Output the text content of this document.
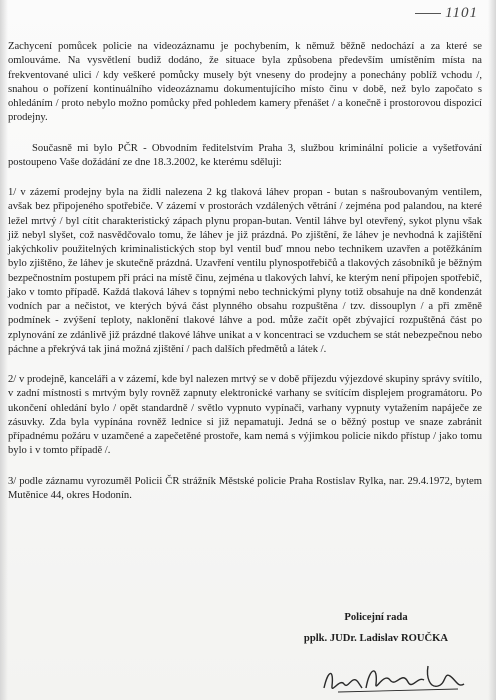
1101

Zachycení pomůcek policie na videozáznamu je pochybením, k němuž běžně nedochází a za které se omlouváme. Na vysvětlení budiž dodáno, že situace byla způsobena především umístěním místa na frekventované ulici / kdy veškeré pomůcky musely být vneseny do prodejny a ponechány poblíž vchodu /, snahou o pořízení kontinuálního videozáznamu dokumentujícího místo činu v době, než bylo započato s ohledáním / proto nebylo možno pomůcky před pohledem kamery přenášet / a konečně i prostorovou dispozicí prodejny.

Současně mi bylo PČR - Obvodním ředitelstvím Praha 3, službou kriminální policie a vyšetřování postoupeno Vaše dožádání ze dne 18.3.2002, ke kterému sděluji:

1/ v zázemí prodejny byla na židli nalezena 2 kg tlaková láhev propan - butan s našroubovaným ventilem, avšak bez připojeného spotřebiče. V zázemí v prostorách vzdálených větrání / zejména pod palandou, na které ležel mrtvý / byl cítit charakteristický zápach plynu propan-butan. Ventil láhve byl otevřený, sykot plynu však již nebyl slyšet, což nasvědčovalo tomu, že láhev je již prázdná. Po zjištění, že láhev je nevhodná k zajištění jakýchkoliv použitelných kriminalistických stop byl ventil buď mnou nebo technikem uzavřen a potěžkáním bylo zjištěno, že láhev je skutečně prázdná. Uzavření ventilu plynospotřebičů a tlakových zásobníků je běžným bezpečnostním postupem při práci na místě činu, zejména u tlakových lahví, ke kterým není připojen spotřebič, jako v tomto případě. Každá tlaková láhev s topnými nebo technickými plyny totiž obsahuje na dně kondenzát vodních par a nečistot, ve kterých bývá část plynného obsahu rozpuštěna / tzv. dissouplyn / a při změně podmínek - zvýšení teploty, naklonění tlakové láhve a pod. může začít opět zbývající rozpuštěná část po zplynování ze zdánlivě již prázdné tlakové láhve unikat a v koncentraci se vzduchem se stát nebezpečnou nebo páchne a překrývá tak jiná možná zjištění / pach dalších předmětů a látek /.

2/ v prodejně, kanceláři a v zázemí, kde byl nalezen mrtvý se v době příjezdu výjezdové skupiny správy svítilo, v zadní místnosti s mrtvým byly rovněž zapnuty elektronické varhany se svítícím displejem programátoru. Po ukončení ohledání bylo / opět standardně / světlo vypnuto vypínači, varhany vypnuty vytažením napáječe ze zásuvky. Zda byla vypínána rovněž lednice si již nepamatuji. Jedná se o běžný postup ve snaze zabránit případnému požáru v uzamčené a zapečetěné prostoře, kam nemá s výjimkou policie nikdo přístup / jako tomu bylo i v tomto případě /.

3/ podle záznamu vyrozuměl Policii ČR strážník Městské policie Praha Rostislav Rylka, nar. 29.4.1972, bytem Mutěnice 44, okres Hodonín.

Policejní rada
pplk. JUDr. Ladislav ROUČKA
